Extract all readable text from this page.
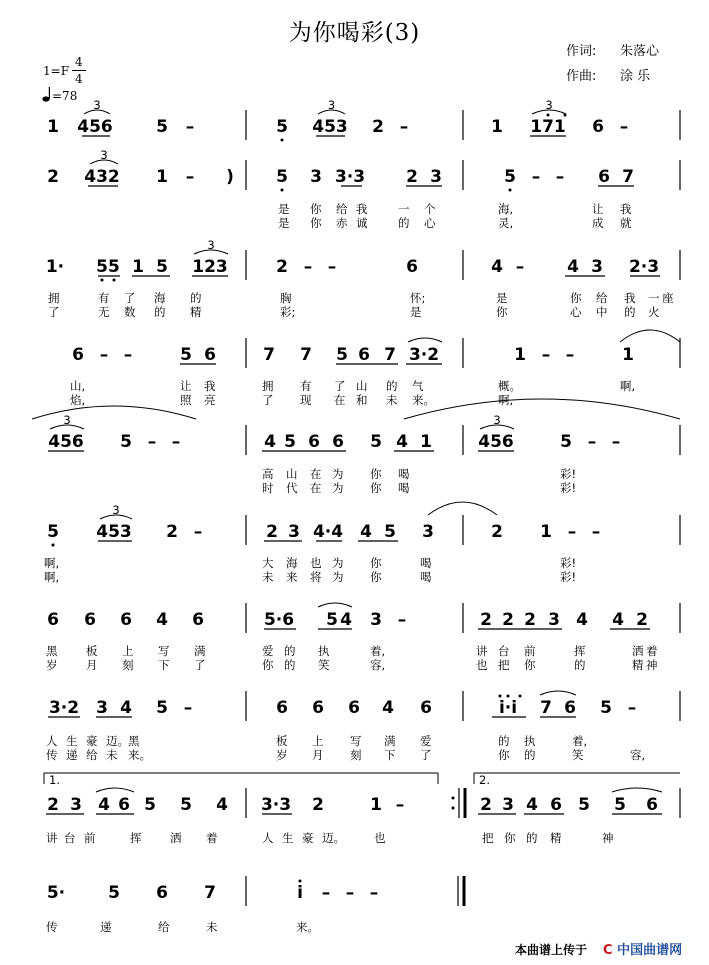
为你喝彩(3)
作词: 朱落心
作曲: 涂 乐
1=F
4
4
=78
1 456	5 –	5 453 2 –	1 171 6 –
3	3	3
2 432 1 – ) 5 3 3·3 2 3	5 – – 6 7
3
1· 55 1 5 123	2 – –	6	4 –	4 3 2·3
3
6 – –	5 6	7 7 5 6 7 3·2	1 – –	1
456 5 – –	4 5 6 6 5 4 1	456	5 – –
3	3
5 453 2 –	2 3 4·4 4 5 3	2 1 – –
3
6 6 6 4 6	5·6 5 4 3 –	2 2 2 3 4 4 2
3·2 3 4 5 –	6 6 6 4 6	i·i 7 6 5 –
1.	2.
2 3 4 6 5 5 4 3·3 2	1 –	2 3 4 6 5 5 6
5·	5 6 7	i – – –
是 你 给 我	一 个	海,	让 我
是 你 赤 诚	的 心	灵,	成 就
拥	有 了 海 的	胸	怀;	是	你 给 我 一 座
了	无 数 的 精	彩;	是	你	心 中 的 火
山,	让 我	拥 有 了 山 的 气	概。	啊,
焰,	照 亮	了 现 在 和 未 来。	啊,
高 山 在 为 你 喝	彩!
时 代 在 为 你 喝	彩!
啊,	大 海 也 为 你	喝	彩!
啊,	未 来 将 为 你	喝	彩!
黑 板 上 写 满	爱 的 执	着,	讲 台 前	挥	洒 着
岁 月 刻 下 了	你 的 笑	容,	也 把 你	的	精 神
人 生 豪 迈。 黑	板 上 写 满 爱	的 执	着,
传 递 给 未 来。	岁 月 刻 下 了	你 的	笑	容,
讲 台 前	挥 洒 着	人 生 豪 迈。	也	把 你 的 精	神
传	递	给	未	来。
本曲谱上传于 C 中国曲谱网
